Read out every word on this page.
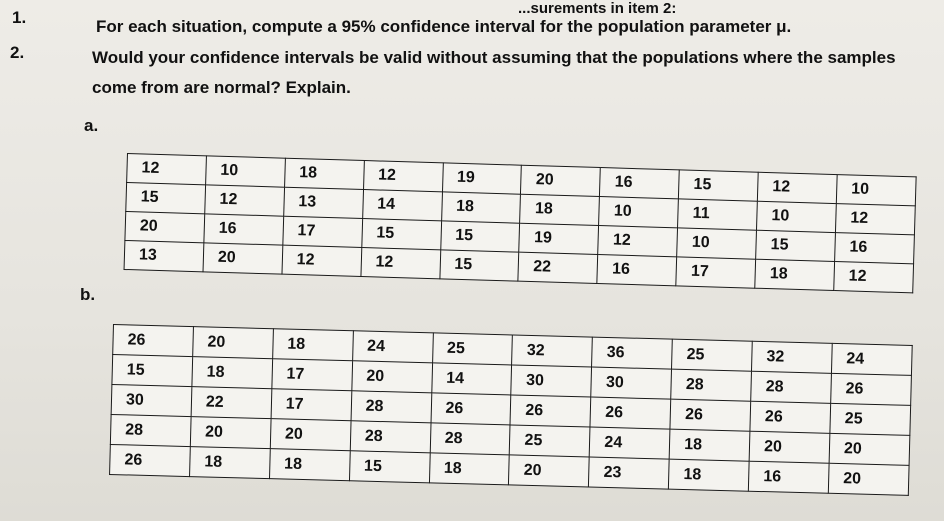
...surements in item 2:
1.	For each situation, compute a 95% confidence interval for the population parameter μ.
2.	Would your confidence intervals be valid without assuming that the populations where the samples come from are normal? Explain.
a.
b.
12	10	18	12	19	20	16	15	12	10
15	12	13	14	18	18	10	11	10	12
20	16	17	15	15	19	12	10	15	16
13	20	12	12	15	22	16	17	18	12
26	20	18	24	25	32	36	25	32	24
15	18	17	20	14	30	30	28	28	26
30	22	17	28	26	26	26	26	26	25
28	20	20	28	28	25	24	18	20	20
26	18	18	15	18	20	23	18	16	20
